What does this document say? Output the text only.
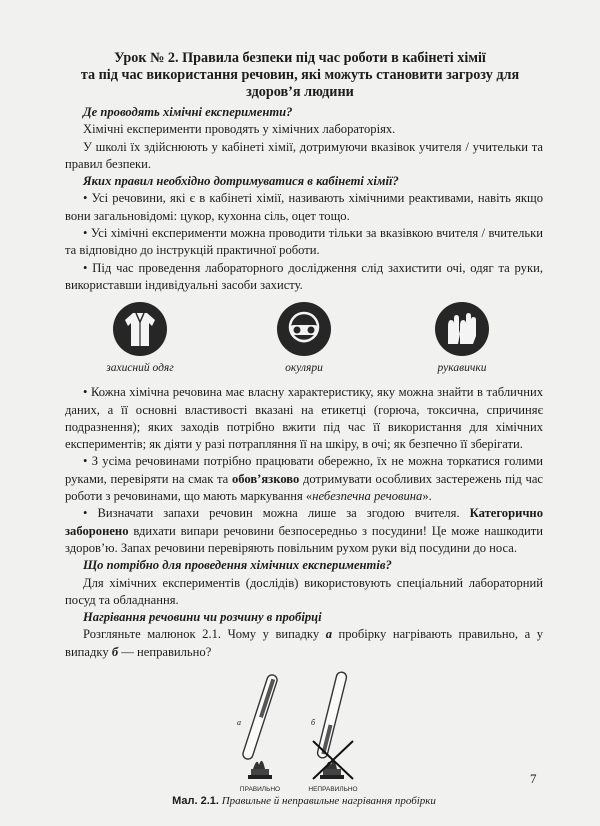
Урок № 2. Правила безпеки під час роботи в кабінеті хімії
та під час використання речовин, які можуть становити загрозу для
здоров’я людини

Де проводять хімічні експерименти?

Хімічні експерименти проводять у хімічних лабораторіях.

У школі їх здійснюють у кабінеті хімії, дотримуючи вказівок учителя / учительки та правил безпеки.

Яких правил необхідно дотримуватися в кабінеті хімії?

• Усі речовини, які є в кабінеті хімії, називають хімічними реактивами, навіть якщо вони загальновідомі: цукор, кухонна сіль, оцет тощо.

• Усі хімічні експерименти можна проводити тільки за вказівкою вчителя / вчительки та відповідно до інструкцій практичної роботи.

• Під час проведення лабораторного дослідження слід захистити очі, одяг та руки, використавши індивідуальні засоби захисту.

захисний одяг	окуляри	рукавички

• Кожна хімічна речовина має власну характеристику, яку можна знайти в табличних даних, а її основні властивості вказані на етикетці (горюча, токсична, спричиняє подразнення); яких заходів потрібно вжити під час її використання для хімічних експериментів; як діяти у разі потрапляння її на шкіру, в очі; як безпечно її зберігати.

• З усіма речовинами потрібно працювати обережно, їх не можна торкатися голими руками, перевіряти на смак та обов’язково дотримувати особливих застережень під час роботи з речовинами, що мають маркування «небезпечна речовина».

• Визначати запахи речовин можна лише за згодою вчителя. Категорично заборонено вдихати випари речовини безпосередньо з посудини! Це може нашкодити здоров’ю. Запах речовини перевіряють повільним рухом руки від посудини до носа.

Що потрібно для проведення хімічних експериментів?

Для хімічних експериментів (дослідів) використовують спеціальний лабораторний посуд та обладнання.

Нагрівання речовини чи розчину в пробірці

Розгляньте малюнок 2.1. Чому у випадку а пробірку нагрівають правильно, а у випадку б — неправильно?

а
ПРАВИЛЬНО
б
НЕПРАВИЛЬНО
Мал. 2.1. Правильне й неправильне нагрівання пробірки
7
